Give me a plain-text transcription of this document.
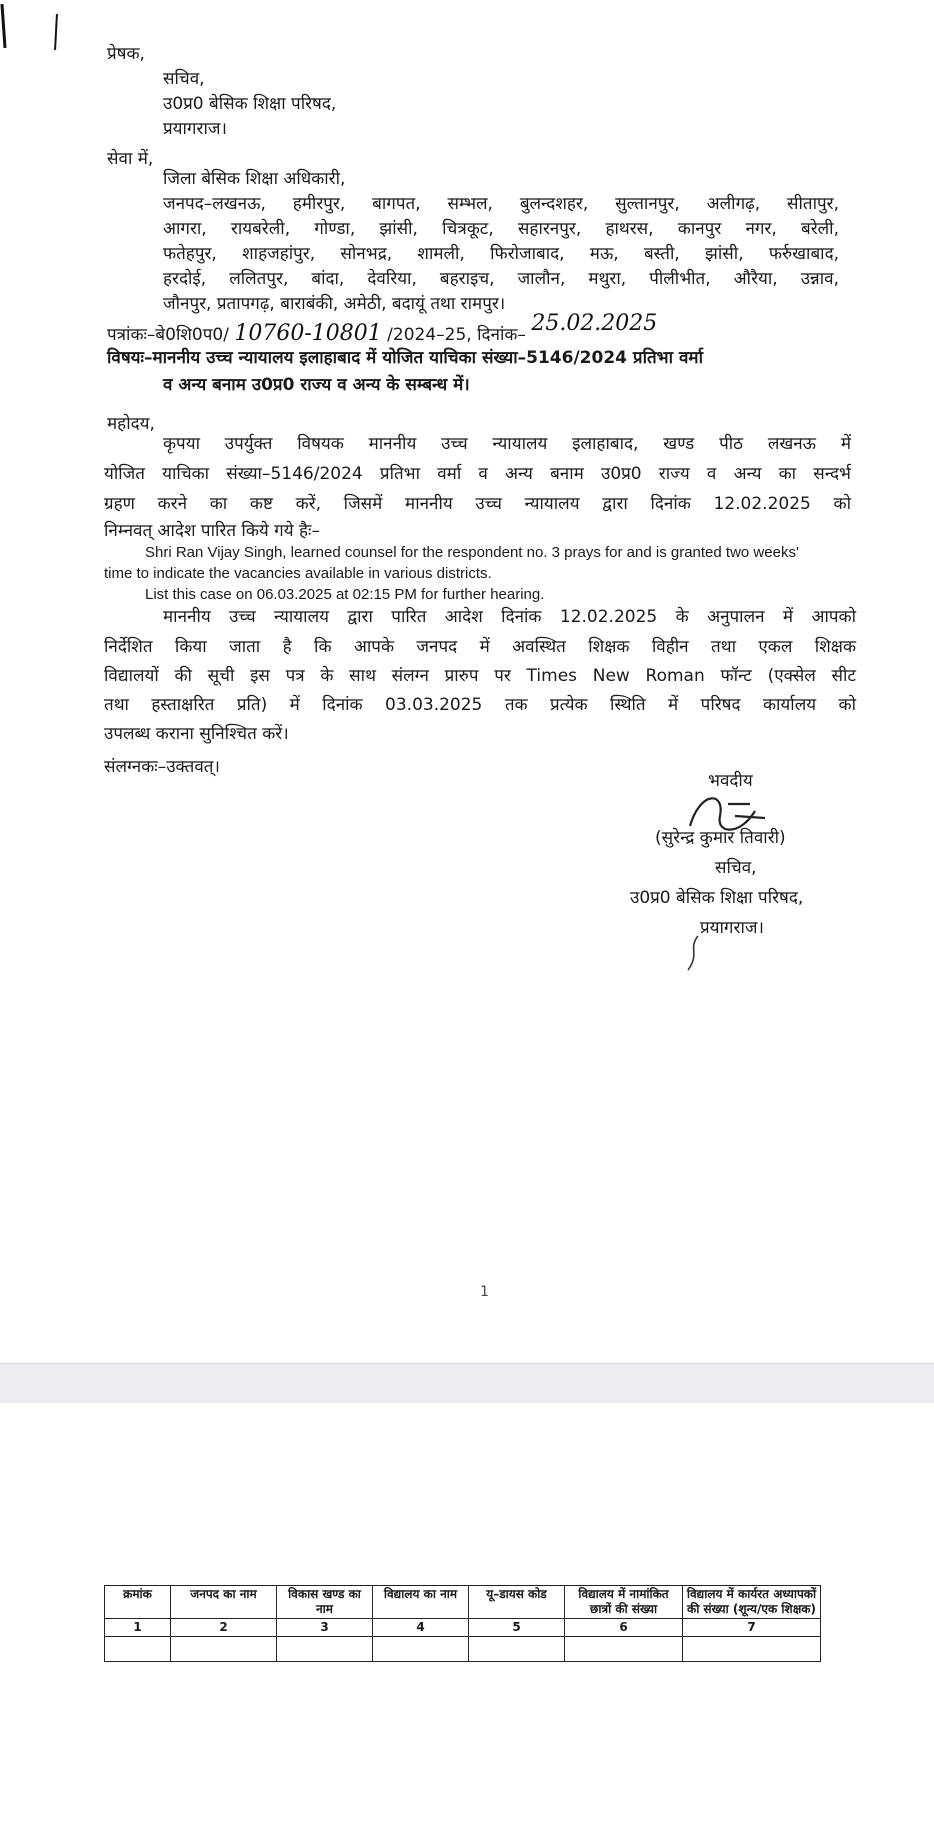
प्रेषक,
सचिव,
उ0प्र0 बेसिक शिक्षा परिषद,
प्रयागराज।
सेवा में,
जिला बेसिक शिक्षा अधिकारी,
जनपद–लखनऊ, हमीरपुर, बागपत, सम्भल, बुलन्दशहर, सुल्तानपुर, अलीगढ़, सीतापुर,
आगरा, रायबरेली, गोण्डा, झांसी, चित्रकूट, सहारनपुर, हाथरस, कानपुर नगर, बरेली,
फतेहपुर, शाहजहांपुर, सोनभद्र, शामली, फिरोजाबाद, मऊ, बस्ती, झांसी, फर्रुखाबाद,
हरदोई, ललितपुर, बांदा, देवरिया, बहराइच, जालौन, मथुरा, पीलीभीत, औरैया, उन्नाव,
जौनपुर, प्रतापगढ़, बाराबंकी, अमेठी, बदायूं तथा रामपुर।
पत्रांकः–बे0शि0प0/ 10760-10801 /2024–25, दिनांक– 25.02.2025
विषयः–माननीय उच्च न्यायालय इलाहाबाद में योजित याचिका संख्या–5146/2024 प्रतिभा वर्मा
व अन्य बनाम उ0प्र0 राज्य व अन्य के सम्बन्ध में।
महोदय,
कृपया उपर्युक्त विषयक माननीय उच्च न्यायालय इलाहाबाद, खण्ड पीठ लखनऊ में
योजित याचिका संख्या–5146/2024 प्रतिभा वर्मा व अन्य बनाम उ0प्र0 राज्य व अन्य का सन्दर्भ
ग्रहण करने का कष्ट करें, जिसमें माननीय उच्च न्यायालय द्वारा दिनांक 12.02.2025 को
निम्नवत् आदेश पारित किये गये हैः–
Shri Ran Vijay Singh, learned counsel for the respondent no. 3 prays for and is granted two weeks'
time to indicate the vacancies available in various districts.
List this case on 06.03.2025 at 02:15 PM for further hearing.
माननीय उच्च न्यायालय द्वारा पारित आदेश दिनांक 12.02.2025 के अनुपालन में आपको
निर्देशित किया जाता है कि आपके जनपद में अवस्थित शिक्षक विहीन तथा एकल शिक्षक
विद्यालयों की सूची इस पत्र के साथ संलग्न प्रारुप पर Times New Roman फॉन्ट (एक्सेल सीट
तथा हस्ताक्षरित प्रति) में दिनांक 03.03.2025 तक प्रत्येक स्थिति में परिषद कार्यालय को
उपलब्ध कराना सुनिश्चित करें।
संलग्नकः–उक्तवत्।
भवदीय
(सुरेन्द्र कुमार तिवारी)
सचिव,
उ0प्र0 बेसिक शिक्षा परिषद,
प्रयागराज।
1
क्रमांक	जनपद का नाम	विकास खण्ड का नाम	विद्यालय का नाम	यू–डायस कोड	विद्यालय में नामांकित छात्रों की संख्या	विद्यालय में कार्यरत अध्यापकों की संख्या (शून्य/एक शिक्षक)
1	2	3	4	5	6	7
